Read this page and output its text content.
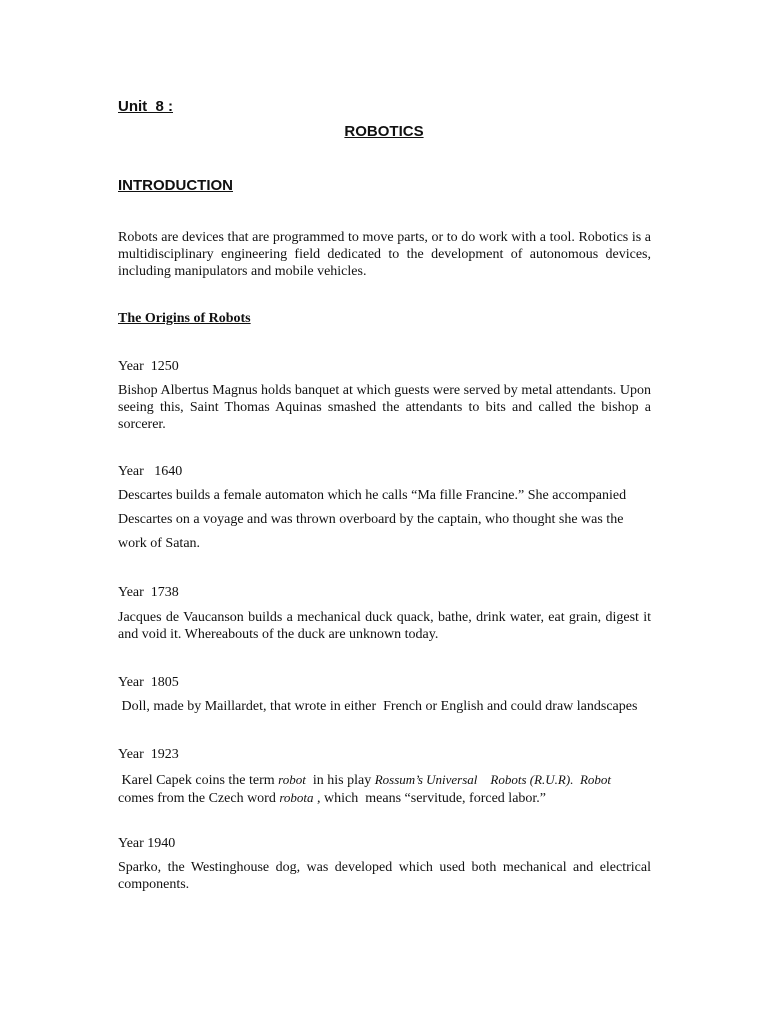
Unit  8 :
ROBOTICS
INTRODUCTION
Robots are devices that are programmed to move parts, or to do work with a tool. Robotics is a multidisciplinary engineering field dedicated to the development of autonomous devices, including manipulators and mobile vehicles.
The Origins of Robots
Year  1250
Bishop Albertus Magnus holds banquet at which guests were served by metal attendants. Upon seeing this, Saint Thomas Aquinas smashed the attendants to bits and called the bishop a sorcerer.
Year   1640
Descartes builds a female automaton which he calls “Ma fille Francine.” She accompanied
Descartes on a voyage and was thrown overboard by the captain, who thought she was the
work of Satan.
Year  1738
Jacques de Vaucanson builds a mechanical duck quack, bathe, drink water, eat grain, digest it and void it. Whereabouts of the duck are unknown today.
Year  1805
Doll, made by Maillardet, that wrote in either  French or English and could draw landscapes
Year  1923
Karel Capek coins the term robot  in his play Rossum’s Universal    Robots (R.U.R).  Robot
comes from the Czech word robota , which  means “servitude, forced labor.”
Year 1940
Sparko, the Westinghouse dog, was developed which used both mechanical and electrical components.
